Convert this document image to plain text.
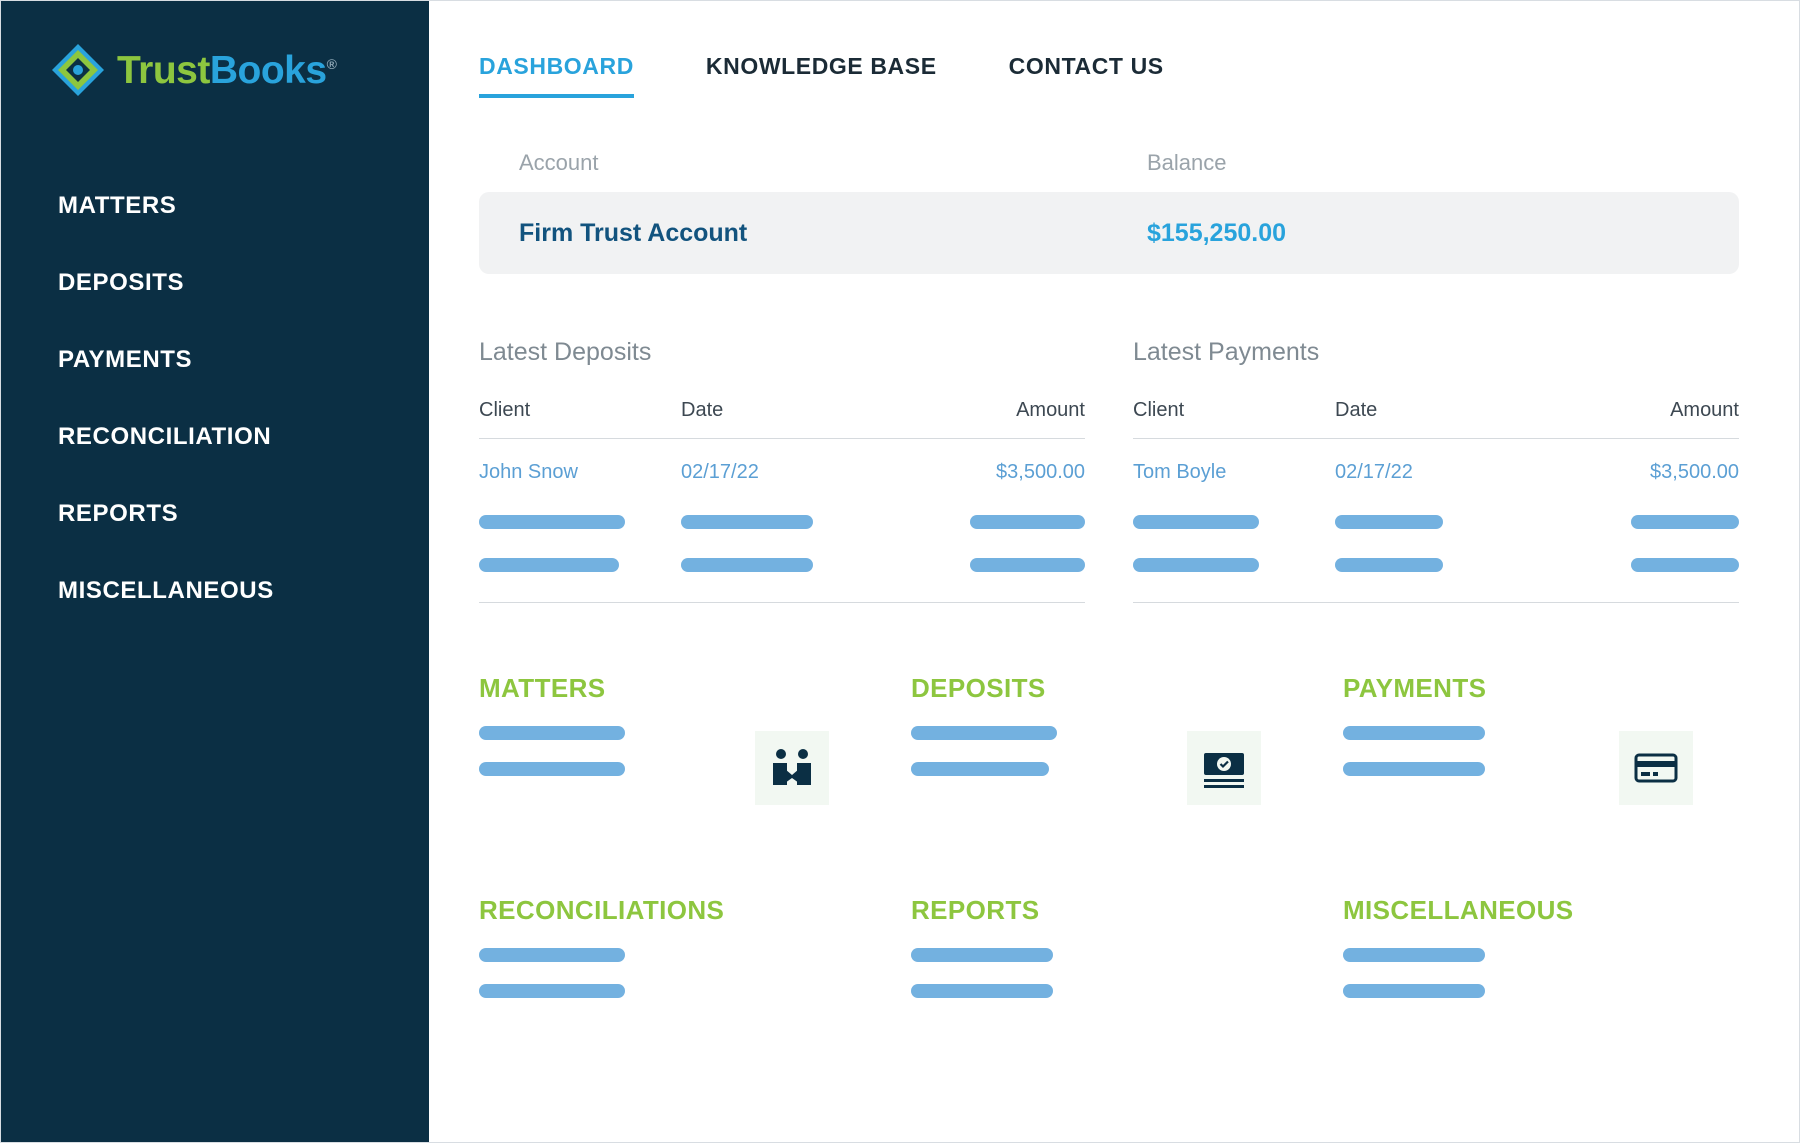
TrustBooks®
MATTERS
DEPOSITS
PAYMENTS
RECONCILIATION
REPORTS
MISCELLANEOUS
DASHBOARD	KNOWLEDGE BASE	CONTACT US
Account	Balance
Firm Trust Account	$155,250.00
Latest Deposits
Client	Date	Amount
John Snow	02/17/22	$3,500.00

Latest Payments
Client	Date	Amount
Tom Boyle	02/17/22	$3,500.00

MATTERS	DEPOSITS	PAYMENTS
RECONCILIATIONS	REPORTS	MISCELLANEOUS
